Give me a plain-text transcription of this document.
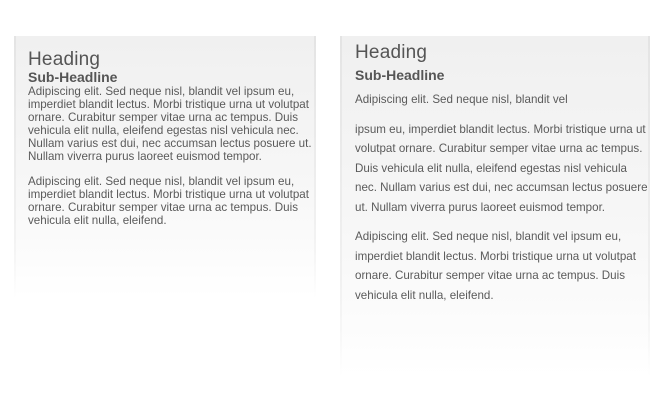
Heading
Sub-Headline

Adipiscing elit. Sed neque nisl, blandit vel ipsum eu, imperdiet blandit lectus. Morbi tristique urna ut volutpat ornare. Curabitur semper vitae urna ac tempus. Duis vehicula elit nulla, eleifend egestas nisl vehicula nec. Nullam varius est dui, nec accumsan lectus posuere ut. Nullam viverra purus laoreet euismod tempor.

Adipiscing elit. Sed neque nisl, blandit vel ipsum eu, imperdiet blandit lectus. Morbi tristique urna ut volutpat ornare. Curabitur semper vitae urna ac tempus. Duis vehicula elit nulla, eleifend.

Heading
Sub-Headline

Adipiscing elit. Sed neque nisl, blandit vel

ipsum eu, imperdiet blandit lectus. Morbi tristique urna ut volutpat ornare. Curabitur semper vitae urna ac tempus. Duis vehicula elit nulla, eleifend egestas nisl vehicula nec. Nullam varius est dui, nec accumsan lectus posuere ut. Nullam viverra purus laoreet euismod tempor.

Adipiscing elit. Sed neque nisl, blandit vel ipsum eu, imperdiet blandit lectus. Morbi tristique urna ut volutpat ornare. Curabitur semper vitae urna ac tempus. Duis vehicula elit nulla, eleifend.
